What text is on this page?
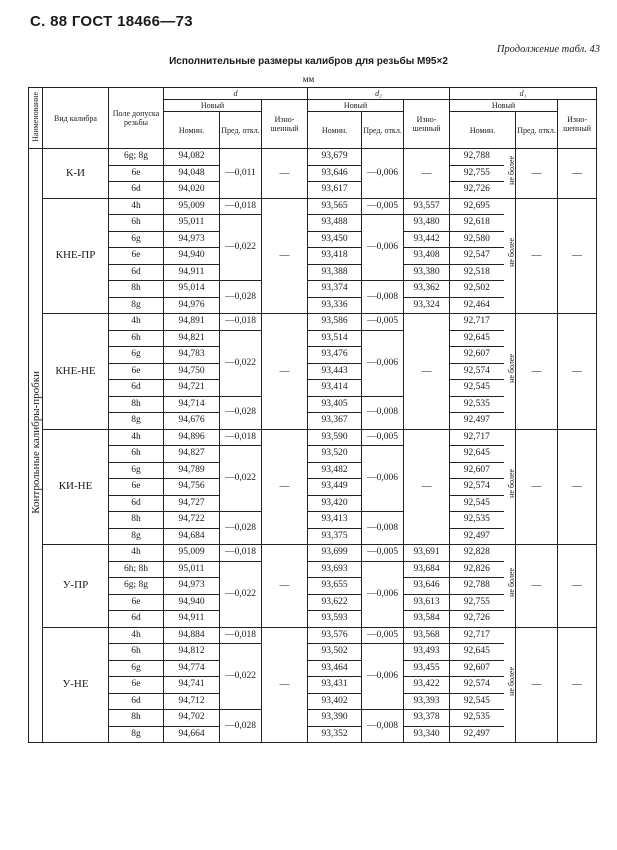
С. 88 ГОСТ 18466—73
Продолжение табл. 43
Исполнительные размеры калибров для резьбы М95×2
мм
Наименование	Вид калибра	Поле допуска резьбы	d			d₂			d₁			
			Новый		Изно-шенный	Новый		Изно-шенный	Новый			Изно-шенный
			Номин.	Пред. откл.		Номин.	Пред. откл.		Номин.		Пред. откл.	
Контрольные калибры-пробки	К-И	6g; 8g	94,082	—0,011	—	93,679	—0,006	—	92,788	не более	—	—
		6e	94,048			93,646			92,755			
		6d	94,020			93,617			92,726			
	КНЕ-ПР	4h	95,009	—0,018	—	93,565	—0,005	93,557	92,695	не более	—	—
		6h	95,011	—0,022		93,488	—0,006	93,480	92,618			
		6g	94,973			93,450		93,442	92,580			
		6e	94,940			93,418		93,408	92,547			
		6d	94,911			93,388		93,380	92,518			
		8h	95,014	—0,028		93,374	—0,008	93,362	92,502			
		8g	94,976			93,336		93,324	92,464			
	КНЕ-НЕ	4h	94,891	—0,018	—	93,586	—0,005	—	92,717	не более	—	—
		6h	94,821	—0,022		93,514	—0,006		92,645			
		6g	94,783			93,476			92,607			
		6e	94,750			93,443			92,574			
		6d	94,721			93,414			92,545			
		8h	94,714	—0,028		93,405	—0,008		92,535			
		8g	94,676			93,367			92,497			
	КИ-НЕ	4h	94,896	—0,018	—	93,590	—0,005	—	92,717	не более	—	—
		6h	94,827	—0,022		93,520	—0,006		92,645			
		6g	94,789			93,482			92,607			
		6e	94,756			93,449			92,574			
		6d	94,727			93,420			92,545			
		8h	94,722	—0,028		93,413	—0,008		92,535			
		8g	94,684			93,375			92,497			
	У-ПР	4h	95,009	—0,018	—	93,699	—0,005	93,691	92,828	не более	—	—
		6h; 8h	95,011	—0,022		93,693	—0,006	93,684	92,826			
		6g; 8g	94,973			93,655		93,646	92,788			
		6e	94,940			93,622		93,613	92,755			
		6d	94,911			93,593		93,584	92,726			
	У-НЕ	4h	94,884	—0,018	—	93,576	—0,005	93,568	92,717	не более	—	—
		6h	94,812	—0,022		93,502	—0,006	93,493	92,645			
		6g	94,774			93,464		93,455	92,607			
		6e	94,741			93,431		93,422	92,574			
		6d	94,712			93,402		93,393	92,545			
		8h	94,702	—0,028		93,390	—0,008	93,378	92,535			
		8g	94,664			93,352		93,340	92,497			
